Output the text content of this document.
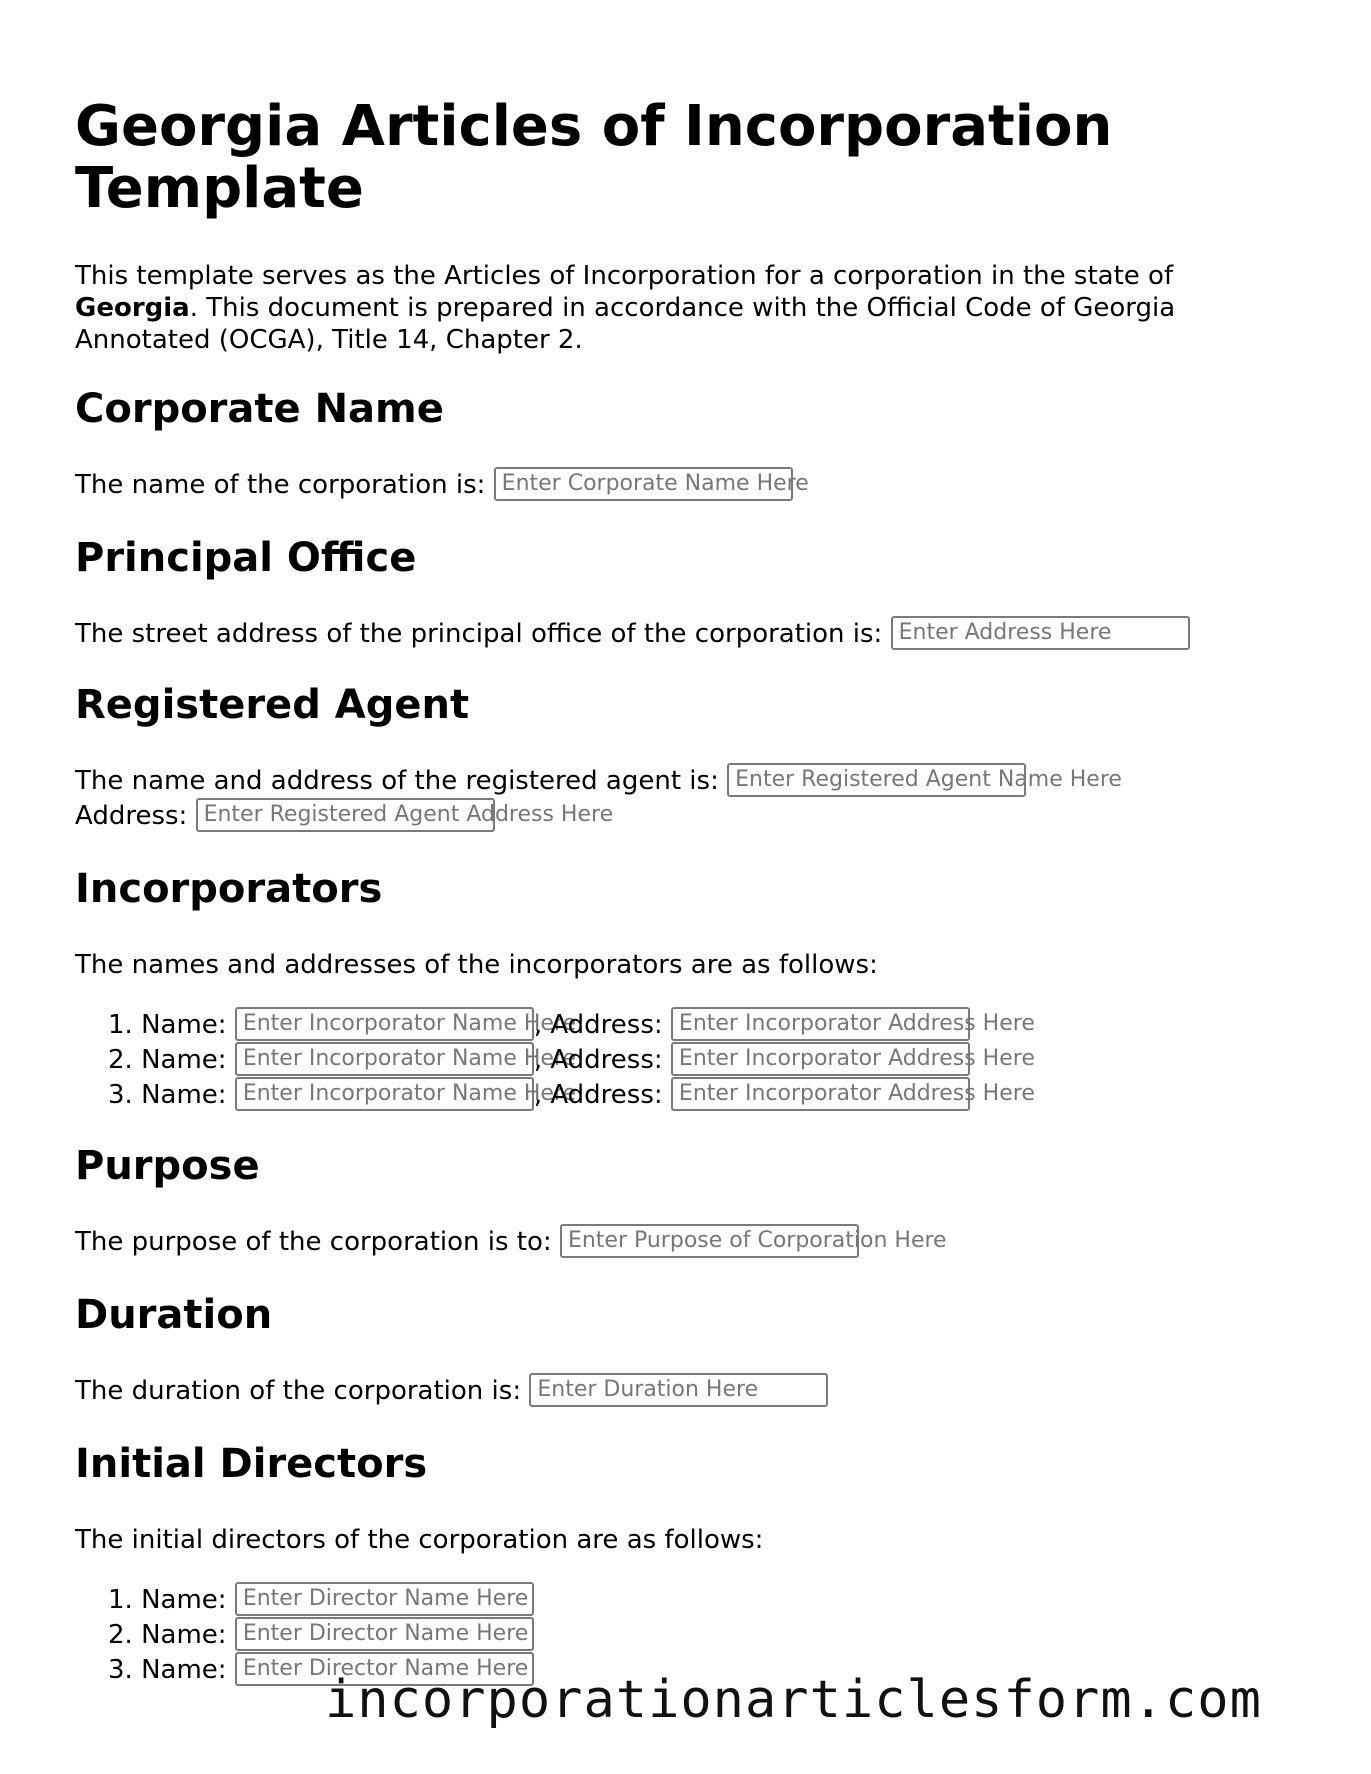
Georgia Articles of Incorporation Template

This template serves as the Articles of Incorporation for a corporation in the state of Georgia. This document is prepared in accordance with the Official Code of Georgia Annotated (OCGA), Title 14, Chapter 2.

Corporate Name
The name of the corporation is: Enter Corporate Name Here
Principal Office
The street address of the principal office of the corporation is: Enter Address Here
Registered Agent
The name and address of the registered agent is: Enter Registered Agent Name Here
Address: Enter Registered Agent Address Here
Incorporators
The names and addresses of the incorporators are as follows:
1. Name: Enter Incorporator Name Here, Address: Enter Incorporator Address Here
2. Name: Enter Incorporator Name Here, Address: Enter Incorporator Address Here
3. Name: Enter Incorporator Name Here, Address: Enter Incorporator Address Here
Purpose
The purpose of the corporation is to: Enter Purpose of Corporation Here
Duration
The duration of the corporation is: Enter Duration Here
Initial Directors
The initial directors of the corporation are as follows:
1. Name: Enter Director Name Here
2. Name: Enter Director Name Here
3. Name: Enter Director Name Here
incorporationarticlesform.com
